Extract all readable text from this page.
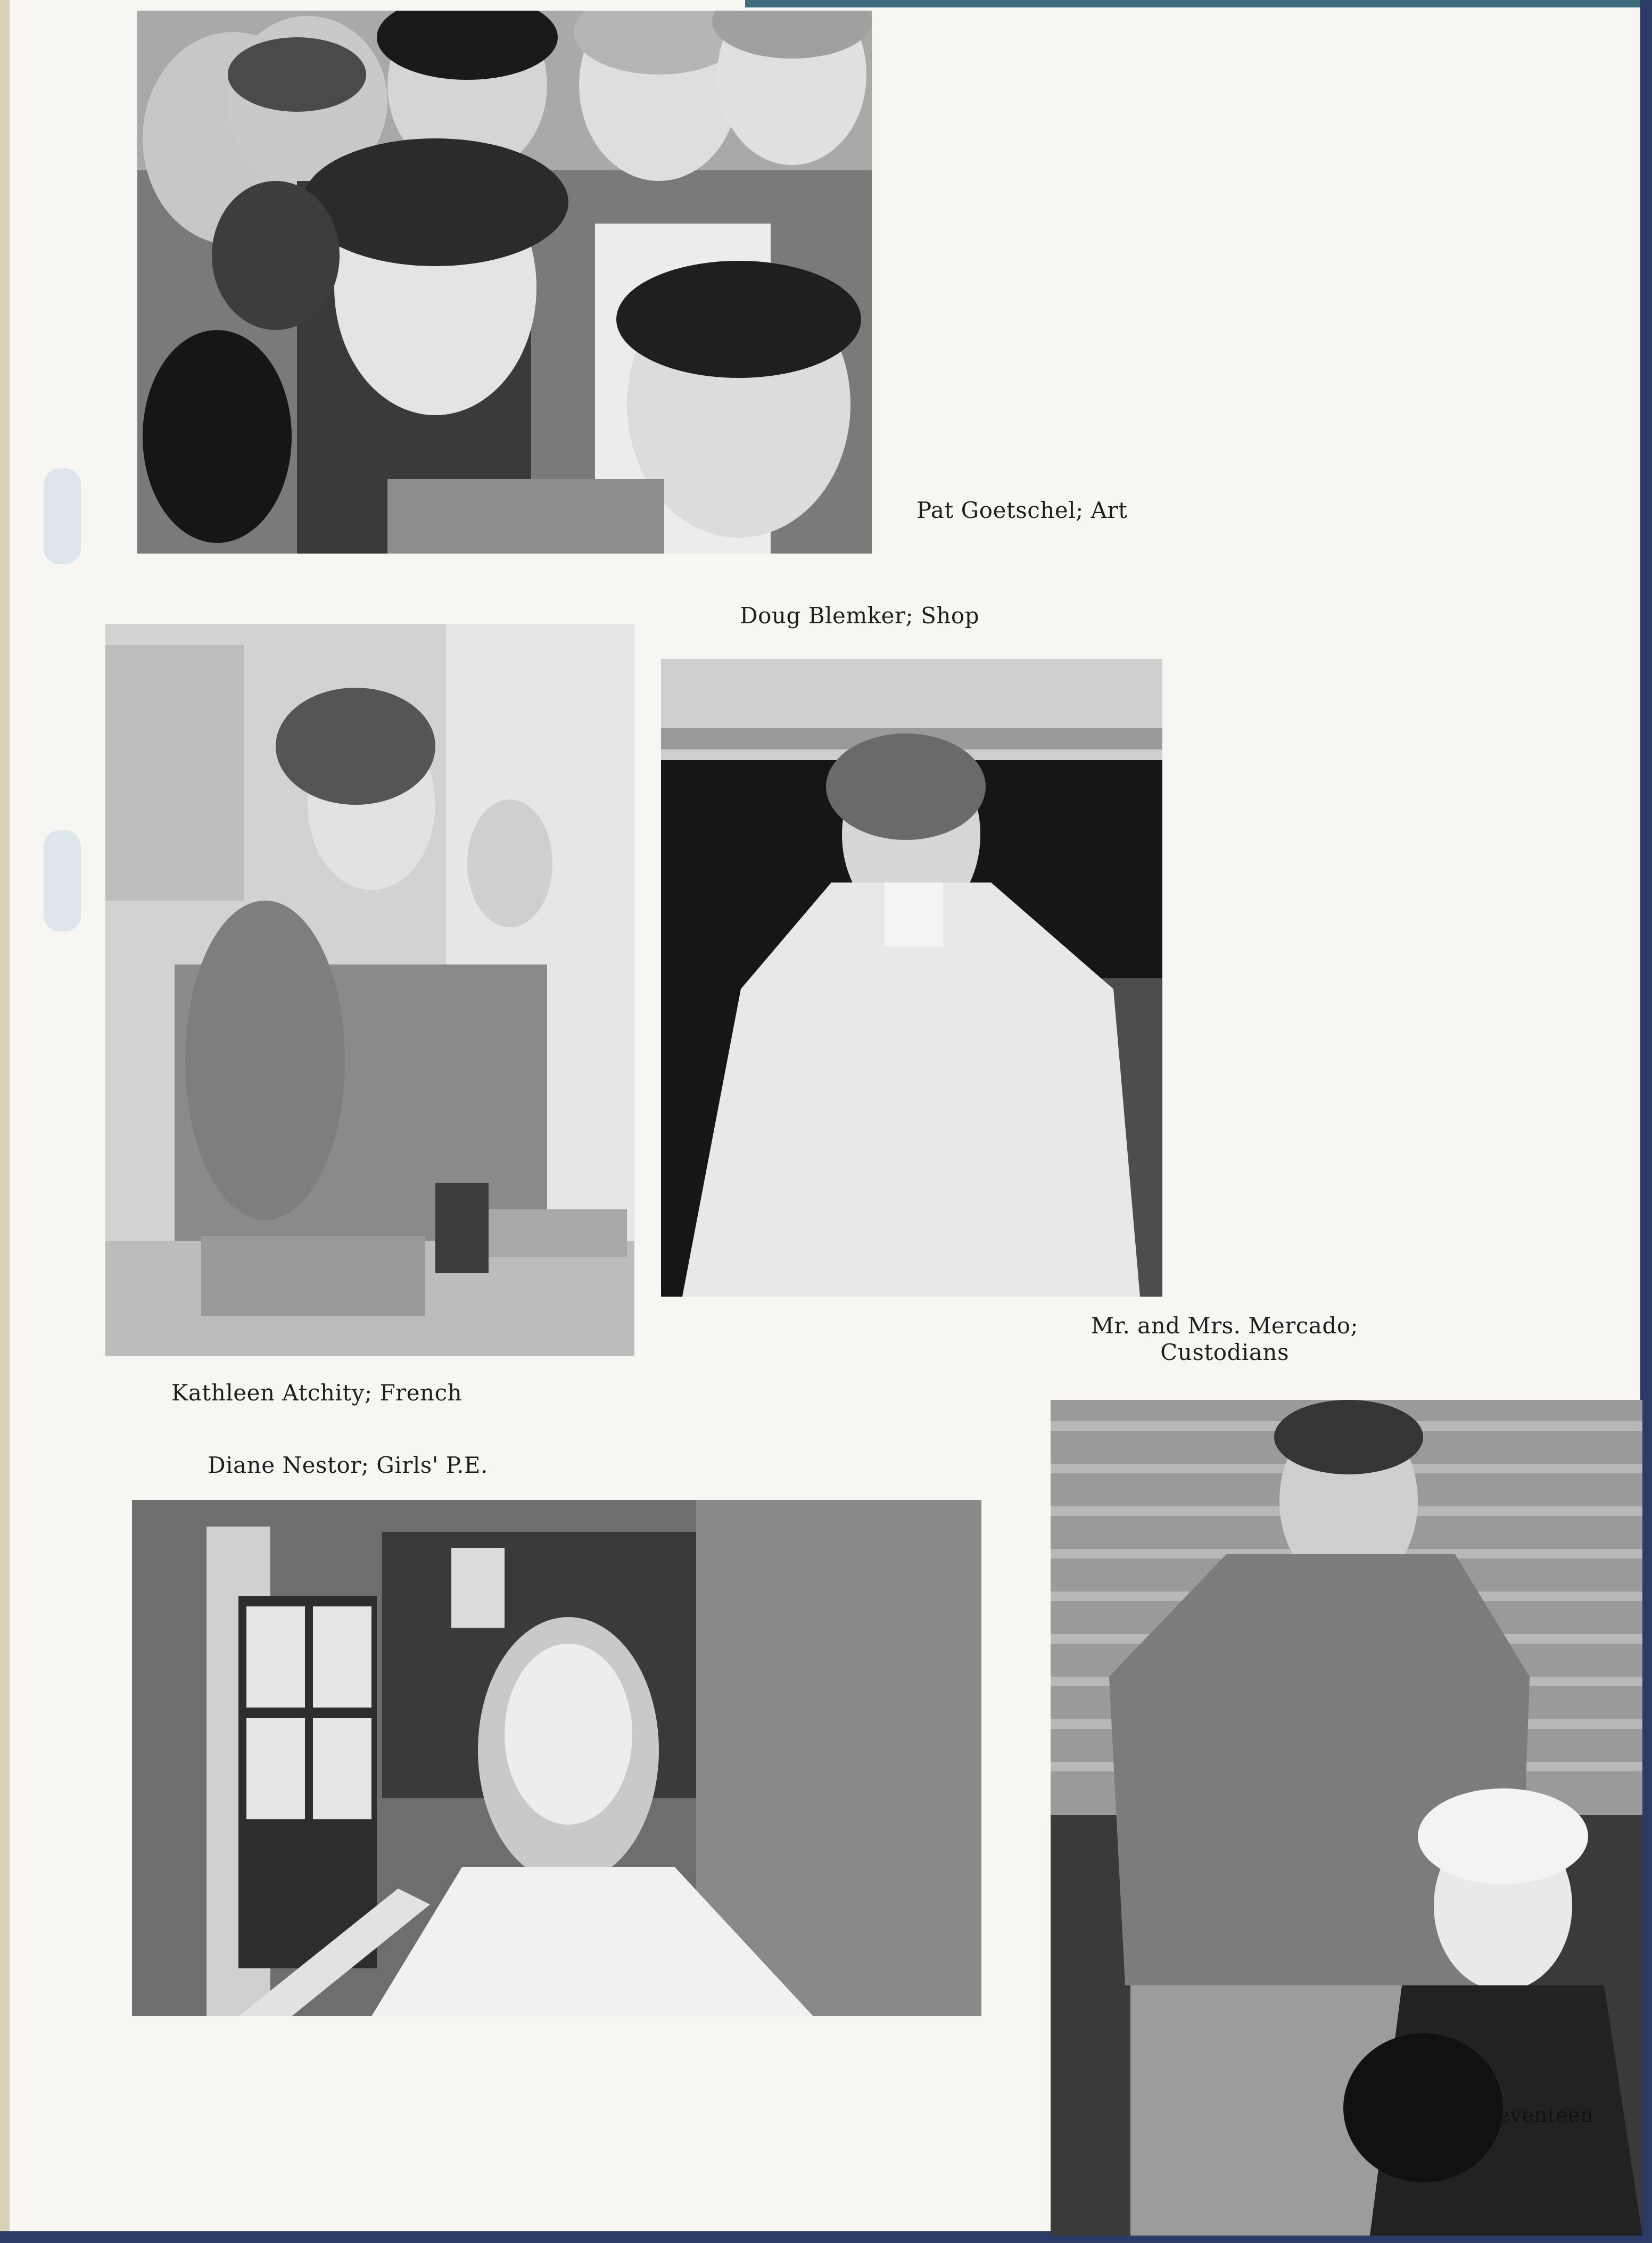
Pat Goetschel; Art
Doug Blemker; Shop
Mr. and Mrs. Mercado;
Custodians
Kathleen Atchity; French
Diane Nestor; Girls' P.E.
Seventeen
